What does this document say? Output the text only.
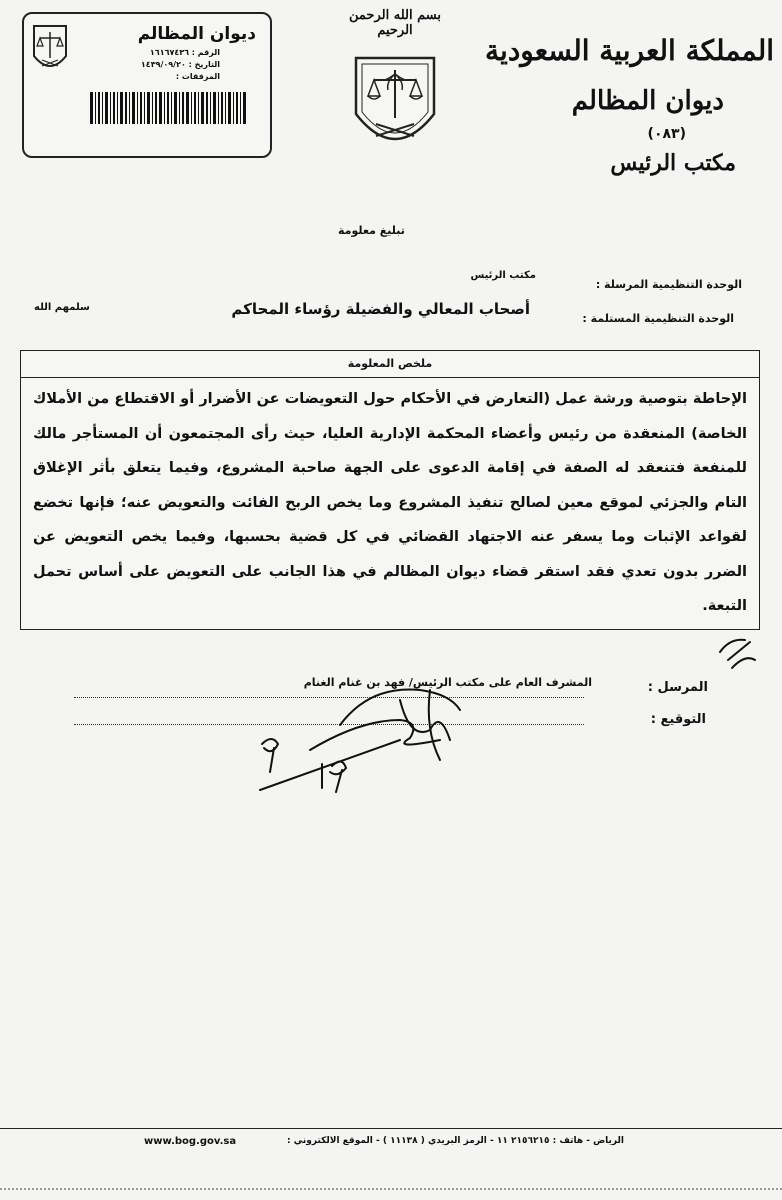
ديوان المظالم
الرقم : ١٦١٦٧٤٣٦
التاريخ : ١٤٣٩/٠٩/٢٠
المرفقات :
بسم الله الرحمن الرحيم
المملكة العربية السعودية
ديوان المظالم
(٠٨٣)
مكتب الرئيس
تبليغ معلومة
الوحدة التنظيمية المرسلة :
مكتب الرئيس
الوحدة التنظيمية المستلمة :
أصحاب المعالي والفضيلة رؤساء المحاكم
سلمهم الله
ملخص المعلومة
الإحاطة بتوصية ورشة عمل (التعارض في الأحكام حول التعويضات عن الأضرار أو الاقتطاع من الأملاك الخاصة) المنعقدة من رئيس وأعضاء المحكمة الإدارية العليا، حيث رأى المجتمعون أن المستأجر مالك للمنفعة فتنعقد له الصفة في إقامة الدعوى على الجهة صاحبة المشروع، وفيما يتعلق بأثر الإغلاق التام والجزئي لموقع معين لصالح تنفيذ المشروع وما يخص الربح الفائت والتعويض عنه؛ فإنها تخضع لقواعد الإثبات وما يسفر عنه الاجتهاد القضائي في كل قضية بحسبها، وفيما يخص التعويض عن الضرر بدون تعدي فقد استقر قضاء ديوان المظالم في هذا الجانب على التعويض على أساس تحمل التبعة.
المرسل :
المشرف العام على مكتب الرئيس/ فهد بن غنام الغنام
التوقيع :
الرياض - هاتف : ٢١٥٦٢١٥ ١١ - الرمز البريدي ( ١١١٣٨ ) - الموقع الالكتروني :
www.bog.gov.sa
